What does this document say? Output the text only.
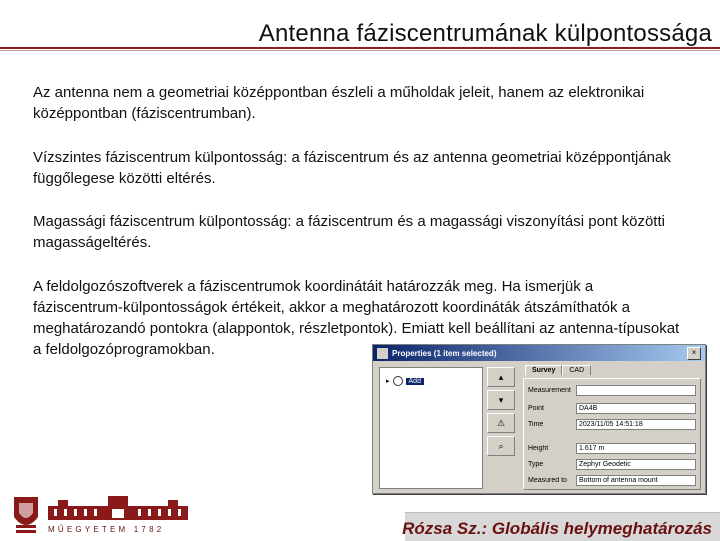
Antenna fáziscentrumának külpontossága

Az antenna nem a geometriai középpontban észleli a műholdak jeleit, hanem az elektronikai középpontban (fáziscentrumban).

Vízszintes fáziscentrum külpontosság: a fáziscentrum és az antenna geometriai középpontjának függőlegese közötti eltérés.

Magassági fáziscentrum külpontosság: a fáziscentrum és a magassági viszonyítási pont közötti magasságeltérés.

A feldolgozószoftverek a fáziscentrumok koordinátáit határozzák meg. Ha ismerjük a fáziscentrum-külpontosságok értékeit, akkor a meghatározott koordináták átszámíthatók a meghatározandó pontokra (alappontok, részletpontok). Emiatt kell beállítani az antenna-típusokat a feldolgozóprogramokban.	Properties (1 item selected)	×
▸	Add	▴
▾
⚠
⌕
Survey	CAD
Measurement
Point	DA4B
Time	2023/11/05 14:51:18
Height	1.617 m
Type	Zephyr Geodetic
Measured to	Bottom of antenna mount
MŰEGYETEM 1782	Rózsa Sz.: Globális helymeghatározás
